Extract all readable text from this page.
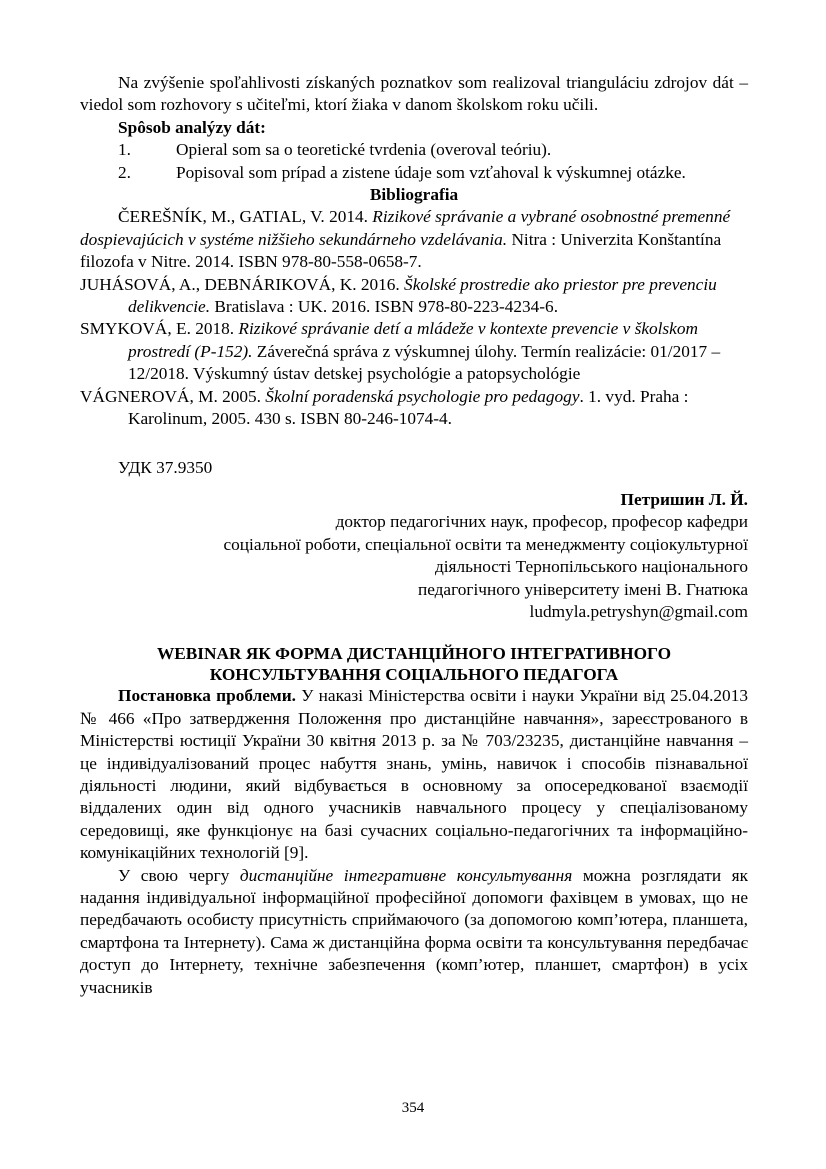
Na zvýšenie spoľahlivosti získaných poznatkov som realizoval trianguláciu zdrojov dát – viedol som rozhovory s učiteľmi, ktorí žiaka v danom školskom roku učili.

Spôsob analýzy dát:

1.	Opieral som sa o teoretické tvrdenia (overoval teóriu).

2.	Popisoval som prípad a zistene údaje som vzťahoval k výskumnej otázke.

Bibliografia

ČEREŠNÍK, M., GATIAL, V. 2014. Rizikové správanie a vybrané osobnostné premenné dospievajúcich v systéme nižšieho sekundárneho vzdelávania. Nitra : Univerzita Konštantína filozofa v Nitre. 2014. ISBN 978-80-558-0658-7.

JUHÁSOVÁ, A., DEBNÁRIKOVÁ, K. 2016. Školské prostredie ako priestor pre prevenciu delikvencie. Bratislava : UK. 2016. ISBN 978-80-223-4234-6.

SMYKOVÁ, E. 2018. Rizikové správanie detí a mládeže v kontexte prevencie v školskom prostredí (P-152). Záverečná správa z výskumnej úlohy. Termín realizácie: 01/2017 –12/2018. Výskumný ústav detskej psychológie a patopsychológie

VÁGNEROVÁ, M. 2005. Školní poradenská psychologie pro pedagogy. 1. vyd. Praha : Karolinum, 2005. 430 s. ISBN 80-246-1074-4.

УДК 37.9350

Петришин Л. Й.

доктор педагогічних наук, професор, професор кафедри

соціальної роботи, спеціальної освіти та менеджменту соціокультурної

діяльності Тернопільського національного

педагогічного університету імені В. Гнатюка

ludmyla.petryshyn@gmail.com

WEBINAR ЯК ФОРМА ДИСТАНЦІЙНОГО ІНТЕГРАТИВНОГО

КОНСУЛЬТУВАННЯ СОЦІАЛЬНОГО ПЕДАГОГА

Постановка проблеми. У наказі Міністерства освіти і науки України від 25.04.2013 № 466 «Про затвердження Положення про дистанційне навчання», зареєстрованого в Міністерстві юстиції України 30 квітня 2013 р. за № 703/23235, дистанційне навчання – це індивідуалізований процес набуття знань, умінь, навичок і способів пізнавальної діяльності людини, який відбувається в основному за опосередкованої взаємодії віддалених один від одного учасників навчального процесу у спеціалізованому середовищі, яке функціонує на базі сучасних соціально-педагогічних та інформаційно-комунікаційних технологій [9].

У свою чергу дистанційне інтегративне консультування можна розглядати як надання індивідуальної інформаційної професійної допомоги фахівцем в умовах, що не передбачають особисту присутність сприймаючого (за допомогою комп’ютера, планшета, смартфона та Інтернету). Сама ж дистанційна форма освіти та консультування передбачає доступ до Інтернету, технічне забезпечення (комп’ютер, планшет, смартфон) в усіх учасників

354
